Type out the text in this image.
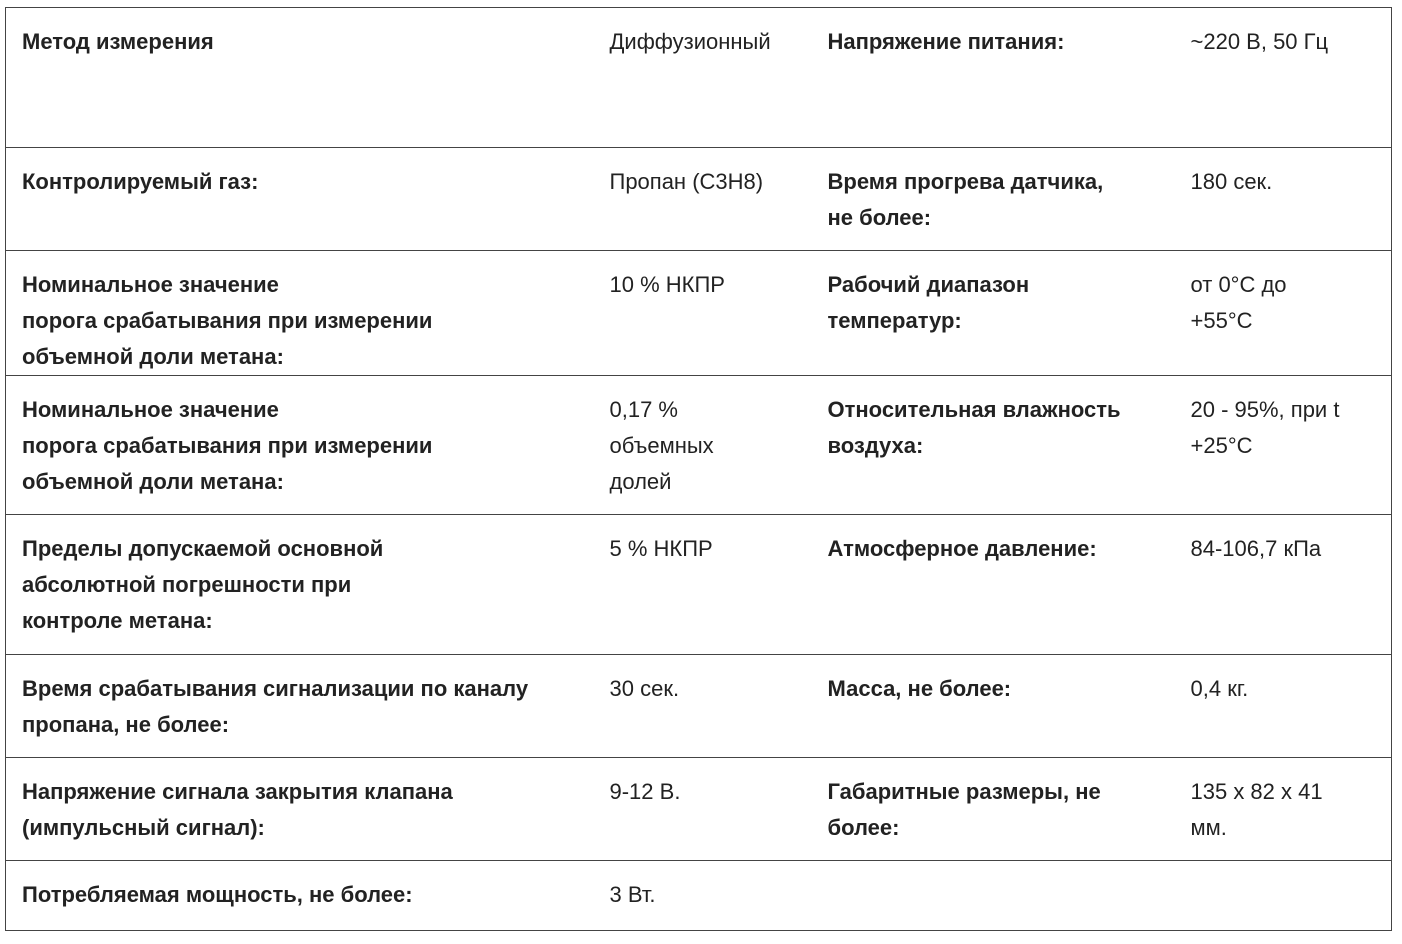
Метод измерения	Диффузионный	Напряжение питания:	~220 В, 50 Гц
Контролируемый газ:	Пропан (С3Н8)	Время прогрева датчика,
не более:	180 сек.
Номинальное значение
порога срабатывания при измерении
объемной доли метана:	10 % НКПР	Рабочий диапазон
температур:	от 0°С до
+55°С
Номинальное значение
порога срабатывания при измерении
объемной доли метана:	0,17 %
объемных
долей	Относительная влажность
воздуха:	20 - 95%, при t
+25°С
Пределы допускаемой основной
абсолютной погрешности при
контроле метана:	5 % НКПР	Атмосферное давление:	84-106,7 кПа
Время срабатывания сигнализации по каналу
пропана, не более:	30 сек.	Масса, не более:	0,4 кг.
Напряжение сигнала закрытия клапана
(импульсный сигнал):	9-12 В.	Габаритные размеры, не
более:	135 х 82 х 41
мм.
Потребляемая мощность, не более:	3 Вт.		
